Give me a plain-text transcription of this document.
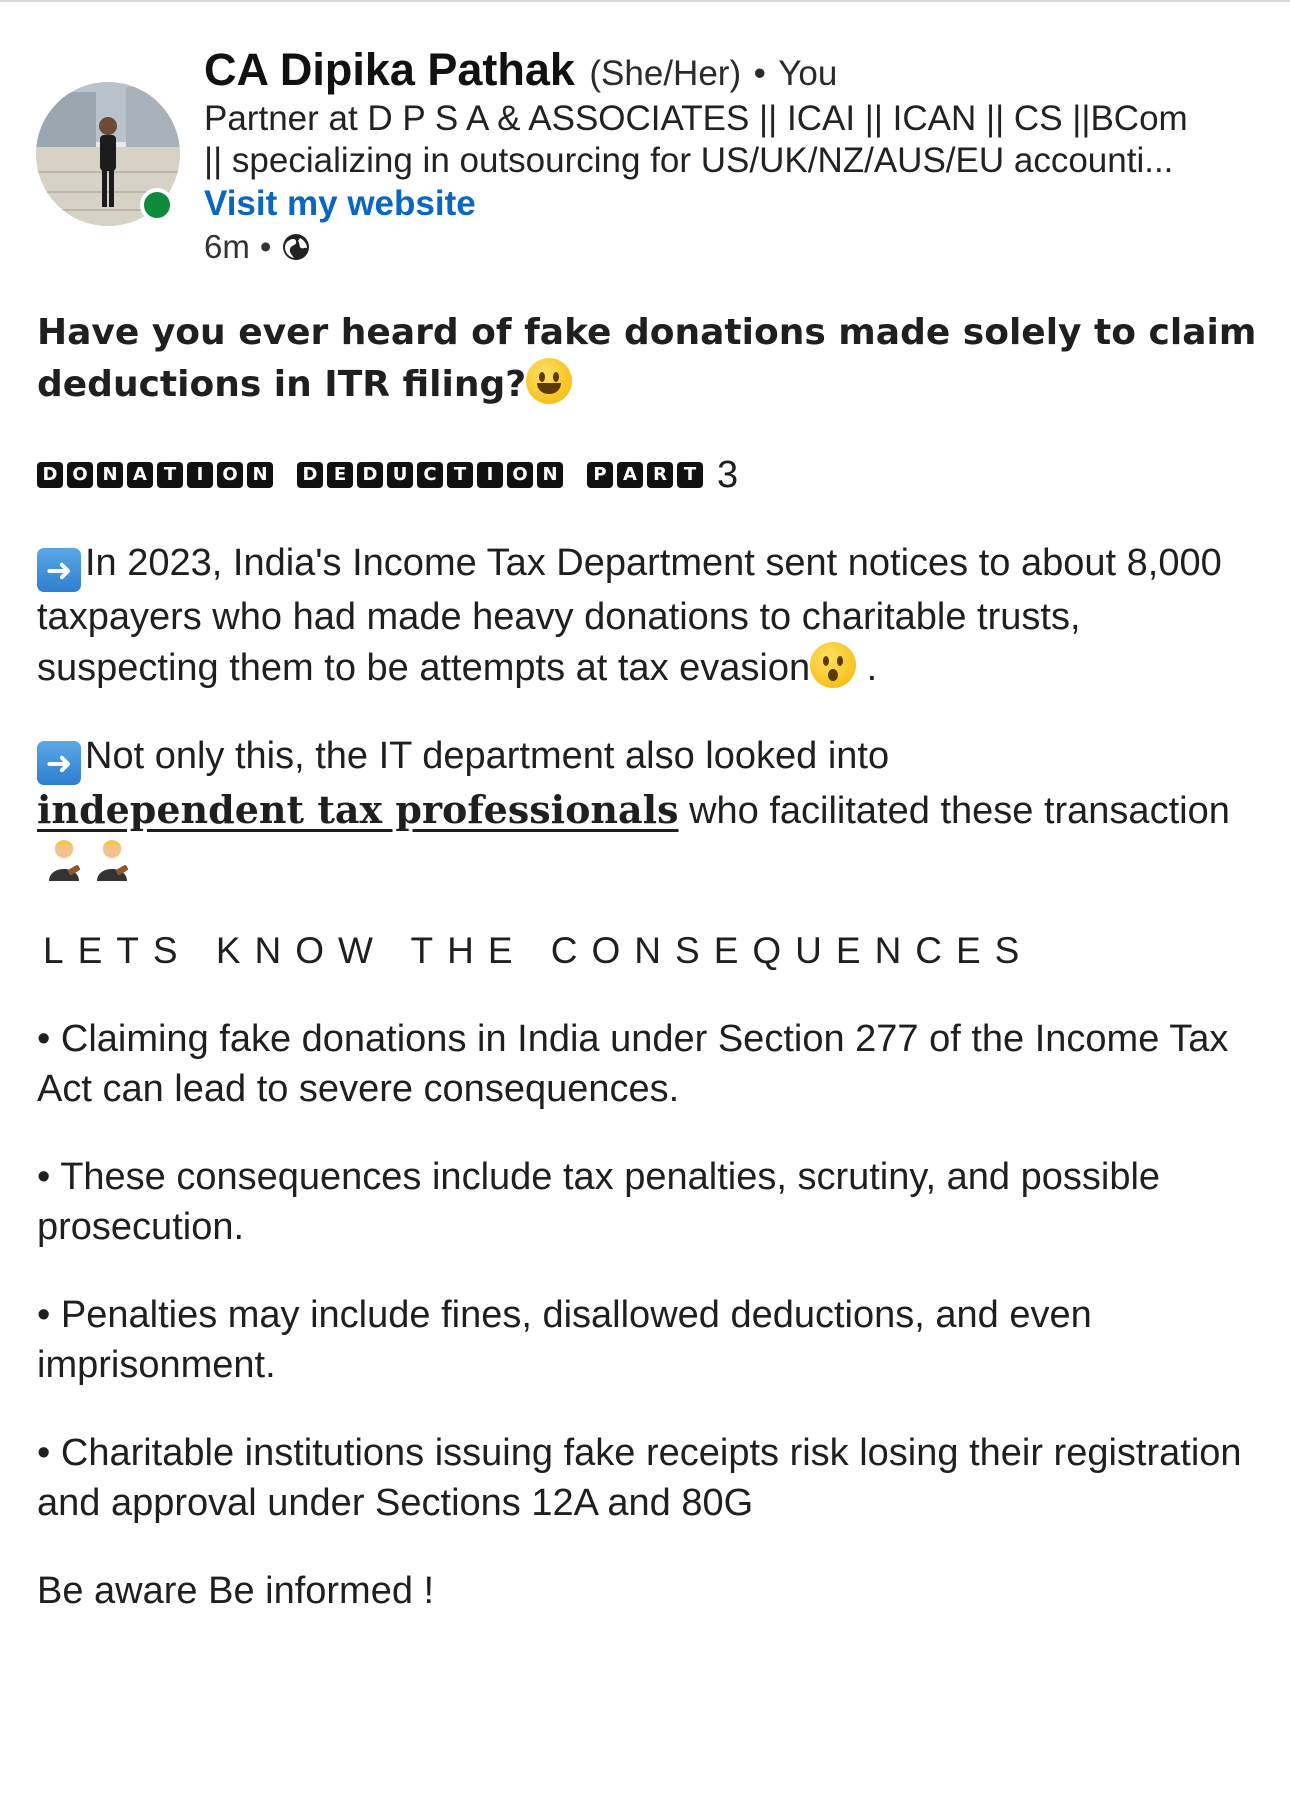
CA Dipika Pathak (She/Her) • You
Partner at D P S A & ASSOCIATES || ICAI || ICAN || CS ||BCom
|| specializing in outsourcing for US/UK/NZ/AUS/EU accounti...
Visit my website
6m •

Have you ever heard of fake donations made solely to claim deductions in ITR filing?

D O N A T	I	O N	D E D U C T	I	O N	P A R T 3

➜ In 2023, India's Income Tax Department sent notices to about 8,000 taxpayers who had made heavy donations to charitable trusts, suspecting them to be attempts at tax evasion .

➜ Not only this, the IT department also looked into
independent tax professionals who facilitated these transaction

LETS KNOW THE CONSEQUENCES

• Claiming fake donations in India under Section 277 of the Income Tax Act can lead to severe consequences.

• These consequences include tax penalties, scrutiny, and possible prosecution.

• Penalties may include fines, disallowed deductions, and even imprisonment.

• Charitable institutions issuing fake receipts risk losing their registration and approval under Sections 12A and 80G

Be aware Be informed !
